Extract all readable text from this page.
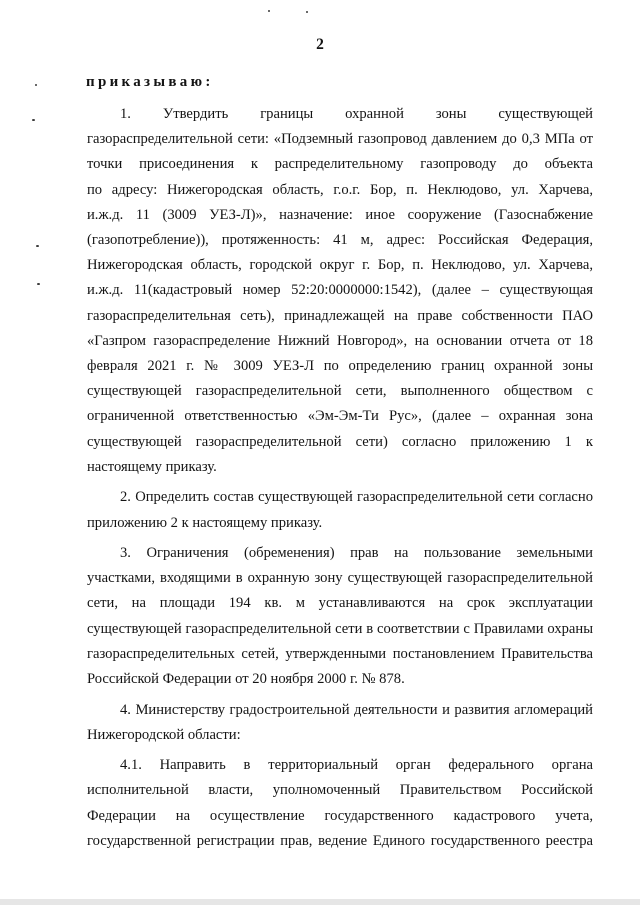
2
приказываю:

1. Утвердить границы охранной зоны существующей
газораспределительной сети: «Подземный газопровод давлением до 0,3 МПа от
точки присоединения к распределительному газопроводу до объекта
по адресу: Нижегородская область, г.о.г. Бор, п. Неклюдово, ул. Харчева,
и.ж.д. 11 (3009 УЕЗ-Л)», назначение: иное сооружение (Газоснабжение
(газопотребление)), протяженность: 41 м, адрес: Российская Федерация,
Нижегородская область, городской округ г. Бор, п. Неклюдово, ул. Харчева,
и.ж.д. 11(кадастровый номер 52:20:0000000:1542), (далее – существующая
газораспределительная сеть), принадлежащей на праве собственности ПАО
«Газпром газораспределение Нижний Новгород», на основании отчета от 18
февраля 2021 г. № 3009 УЕЗ-Л по определению границ охранной зоны
существующей газораспределительной сети, выполненного обществом с
ограниченной ответственностью «Эм-Эм-Ти Рус», (далее – охранная зона
существующей газораспределительной сети) согласно приложению 1 к
настоящему приказу.

2. Определить состав существующей газораспределительной сети согласно
приложению 2 к настоящему приказу.

3. Ограничения (обременения) прав на пользование земельными
участками, входящими в охранную зону существующей газораспределительной
сети, на площади 194 кв. м устанавливаются на срок эксплуатации
существующей газораспределительной сети в соответствии с Правилами охраны
газораспределительных сетей, утвержденными постановлением Правительства
Российской Федерации от 20 ноября 2000 г. № 878.

4. Министерству градостроительной деятельности и развития агломераций
Нижегородской области:

4.1. Направить в территориальный орган федерального органа
исполнительной власти, уполномоченный Правительством Российской
Федерации на осуществление государственного кадастрового учета,
государственной регистрации прав, ведение Единого государственного реестра
